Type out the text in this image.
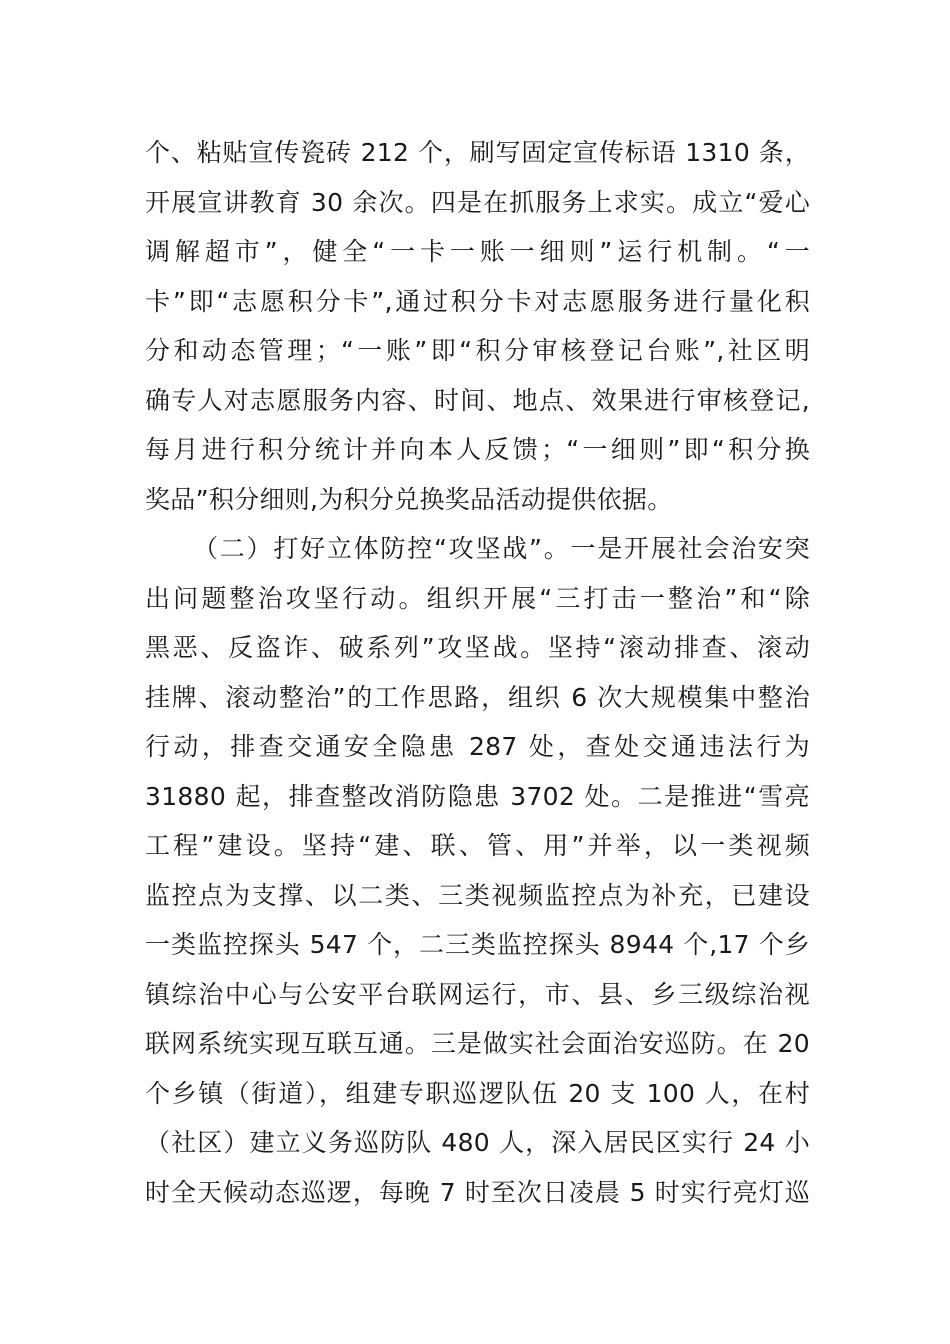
个、粘贴宣传瓷砖 212 个，刷写固定宣传标语 1310 条，
开展宣讲教育 30 余次。四是在抓服务上求实。成立“爱心
调解超市”，健全“一卡一账一细则”运行机制。“一
卡”即“志愿积分卡”,通过积分卡对志愿服务进行量化积
分和动态管理；“一账”即“积分审核登记台账”,社区明
确专人对志愿服务内容、时间、地点、效果进行审核登记,
每月进行积分统计并向本人反馈；“一细则”即“积分换
奖品”积分细则,为积分兑换奖品活动提供依据。
（二）打好立体防控“攻坚战”。一是开展社会治安突
出问题整治攻坚行动。组织开展“三打击一整治”和“除
黑恶、反盗诈、破系列”攻坚战。坚持“滚动排查、滚动
挂牌、滚动整治”的工作思路，组织 6 次大规模集中整治
行动，排查交通安全隐患 287 处，查处交通违法行为
31880 起，排查整改消防隐患 3702 处。二是推进“雪亮
工程”建设。坚持“建、联、管、用”并举，以一类视频
监控点为支撑、以二类、三类视频监控点为补充，已建设
一类监控探头 547 个，二三类监控探头 8944 个,17 个乡
镇综治中心与公安平台联网运行，市、县、乡三级综治视
联网系统实现互联互通。三是做实社会面治安巡防。在 20
个乡镇（街道），组建专职巡逻队伍 20 支 100 人，在村
（社区）建立义务巡防队 480 人，深入居民区实行 24 小
时全天候动态巡逻，每晚 7 时至次日凌晨 5 时实行亮灯巡
